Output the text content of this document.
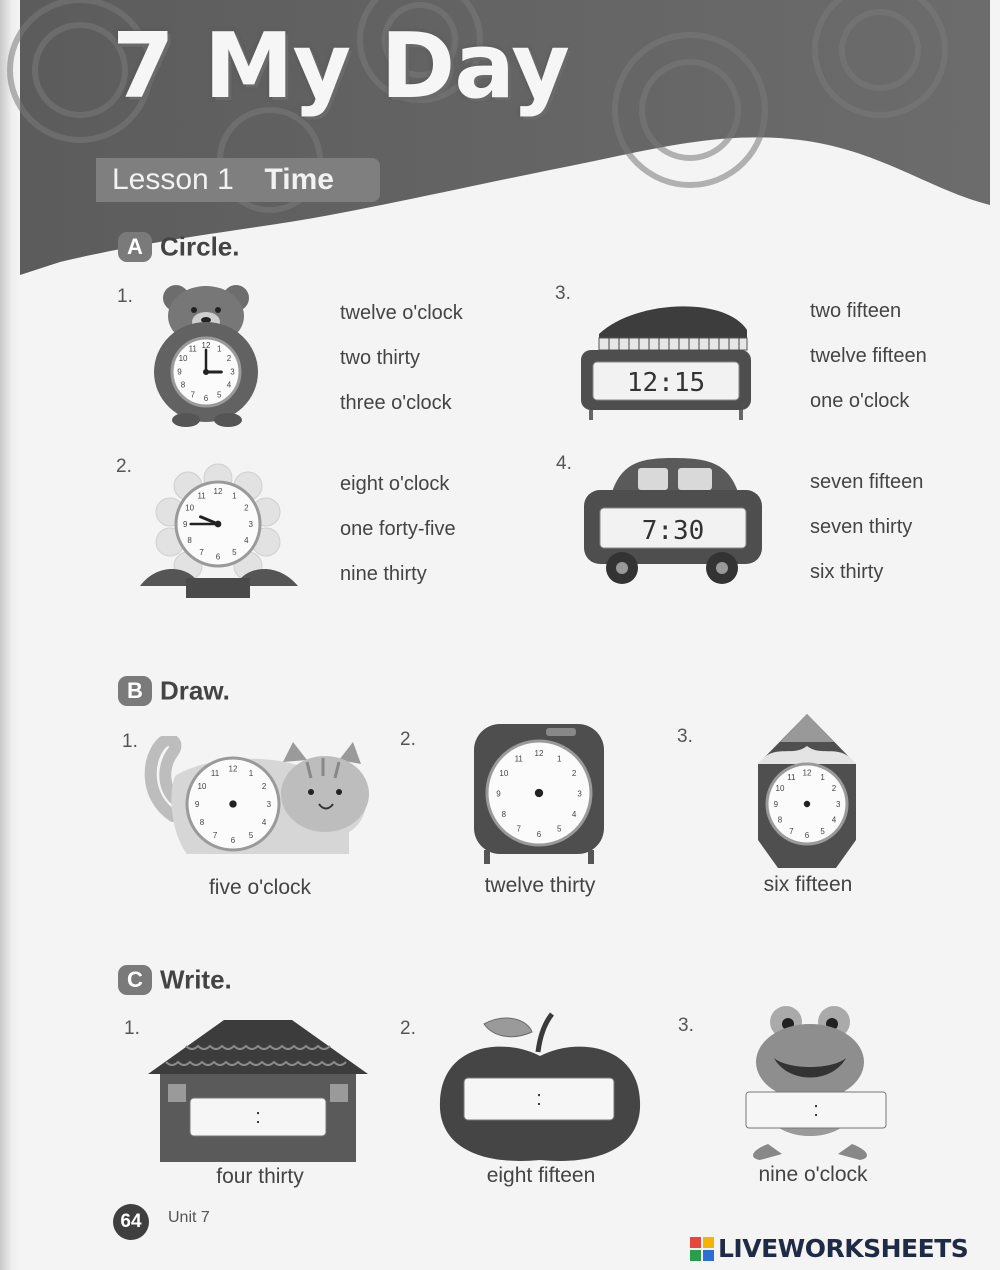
7 My Day
Lesson 1 Time
A Circle.
1.
12 1
2
3
4
5
6
7
8
9
10
11
twelve o'clock
two thirty
three o'clock
2.
12 1
2
3
4
5
6
7
8
9
10
11
eight o'clock
one forty-five
nine thirty
3.
12:15
two fifteen
twelve fifteen
one o'clock
4.
7:30
seven fifteen
seven thirty
six thirty
B Draw.
1.
12
1
2
3
4
5
6
7
8
9
10
11
five o'clock
2.
12
1
2
3
4
5
6
7
8
9
10
11
twelve thirty
3.
12 1
2
3
4
5
6
7
8
9
10
11
six fifteen
C Write.
1.
:
four thirty
2.
:
eight fifteen
3.
:
nine o'clock
64	Unit 7
LIVEWORKSHEETS
